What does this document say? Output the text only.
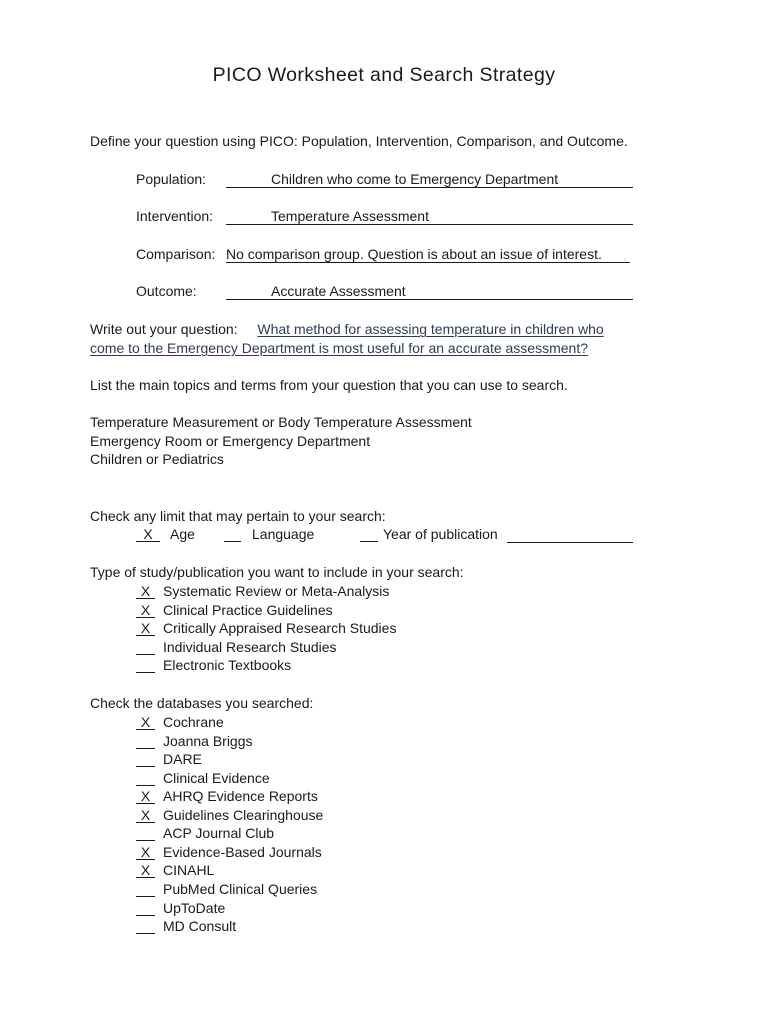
PICO Worksheet and Search Strategy
Define your question using PICO: Population, Intervention, Comparison, and Outcome.
Population:	Children who come to Emergency Department
Intervention:	Temperature Assessment
Comparison: No comparison group. Question is about an issue of interest.
Outcome:	Accurate Assessment
Write out your question: What method for assessing temperature in children who
come to the Emergency Department is most useful for an accurate assessment?
List the main topics and terms from your question that you can use to search.
Temperature Measurement or Body Temperature Assessment
Emergency Room or Emergency Department
Children or Pediatrics
Check any limit that may pertain to your search:
X	Age	Language	Year of publication
Type of study/publication you want to include in your search:
X Systematic Review or Meta-Analysis
X Clinical Practice Guidelines
X Critically Appraised Research Studies
Individual Research Studies
Electronic Textbooks
Check the databases you searched:
X Cochrane
Joanna Briggs
DARE
Clinical Evidence
X AHRQ Evidence Reports
X Guidelines Clearinghouse
ACP Journal Club
X Evidence-Based Journals
X CINAHL
PubMed Clinical Queries
UpToDate
MD Consult
